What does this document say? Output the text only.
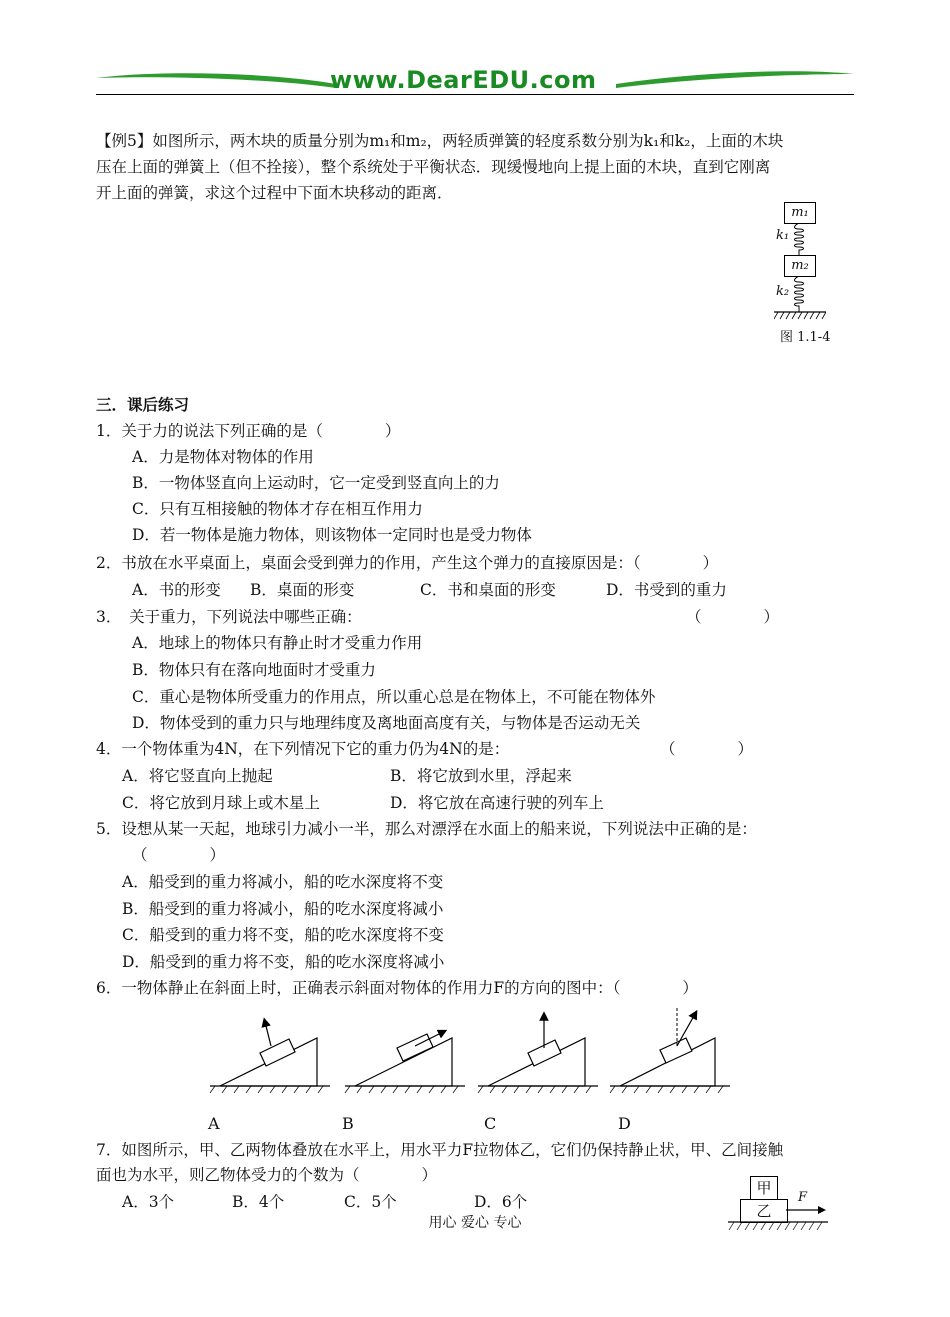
www.DearEDU.com
【例5】如图所示，两木块的质量分别为m₁和m₂，两轻质弹簧的轻度系数分别为k₁和k₂，上面的木块
压在上面的弹簧上（但不拴接），整个系统处于平衡状态．现缓慢地向上提上面的木块，直到它刚离
开上面的弹簧，求这个过程中下面木块移动的距离．
m₁
k₁
m₂
k₂
图 1.1-4
三．课后练习
1．关于力的说法下列正确的是（　　　　）
A．力是物体对物体的作用
B．一物体竖直向上运动时，它一定受到竖直向上的力
C．只有互相接触的物体才存在相互作用力
D．若一物体是施力物体，则该物体一定同时也是受力物体
2．书放在水平桌面上，桌面会受到弹力的作用，产生这个弹力的直接原因是：（　　　　）
A．书的形变 B．桌面的形变	C．书和桌面的形变	D．书受到的重力
3．　关于重力，下列说法中哪些正确：	（　　　　）
A．地球上的物体只有静止时才受重力作用
B．物体只有在落向地面时才受重力
C．重心是物体所受重力的作用点，所以重心总是在物体上，不可能在物体外
D．物体受到的重力只与地理纬度及离地面高度有关，与物体是否运动无关
4．一个物体重为4N，在下列情况下它的重力仍为4N的是：	（　　　　）
A．将它竖直向上抛起	B．将它放到水里，浮起来
C．将它放到月球上或木星上	D．将它放在高速行驶的列车上
5．设想从某一天起，地球引力减小一半，那么对漂浮在水面上的船来说，下列说法中正确的是：
（　　　　）
A．船受到的重力将减小，船的吃水深度将不变
B．船受到的重力将减小，船的吃水深度将减小
C．船受到的重力将不变，船的吃水深度将不变
D．船受到的重力将不变，船的吃水深度将减小
6．一物体静止在斜面上时，正确表示斜面对物体的作用力F的方向的图中：（　　　　）
A	B	C	D
7．如图所示，甲、乙两物体叠放在水平上，用水平力F拉物体乙，它们仍保持静止状，甲、乙间接触
面也为水平，则乙物体受力的个数为（　　　　）
A．3个	B．4个	C．5个	D．6个
甲
乙
F
用心 爱心 专心
